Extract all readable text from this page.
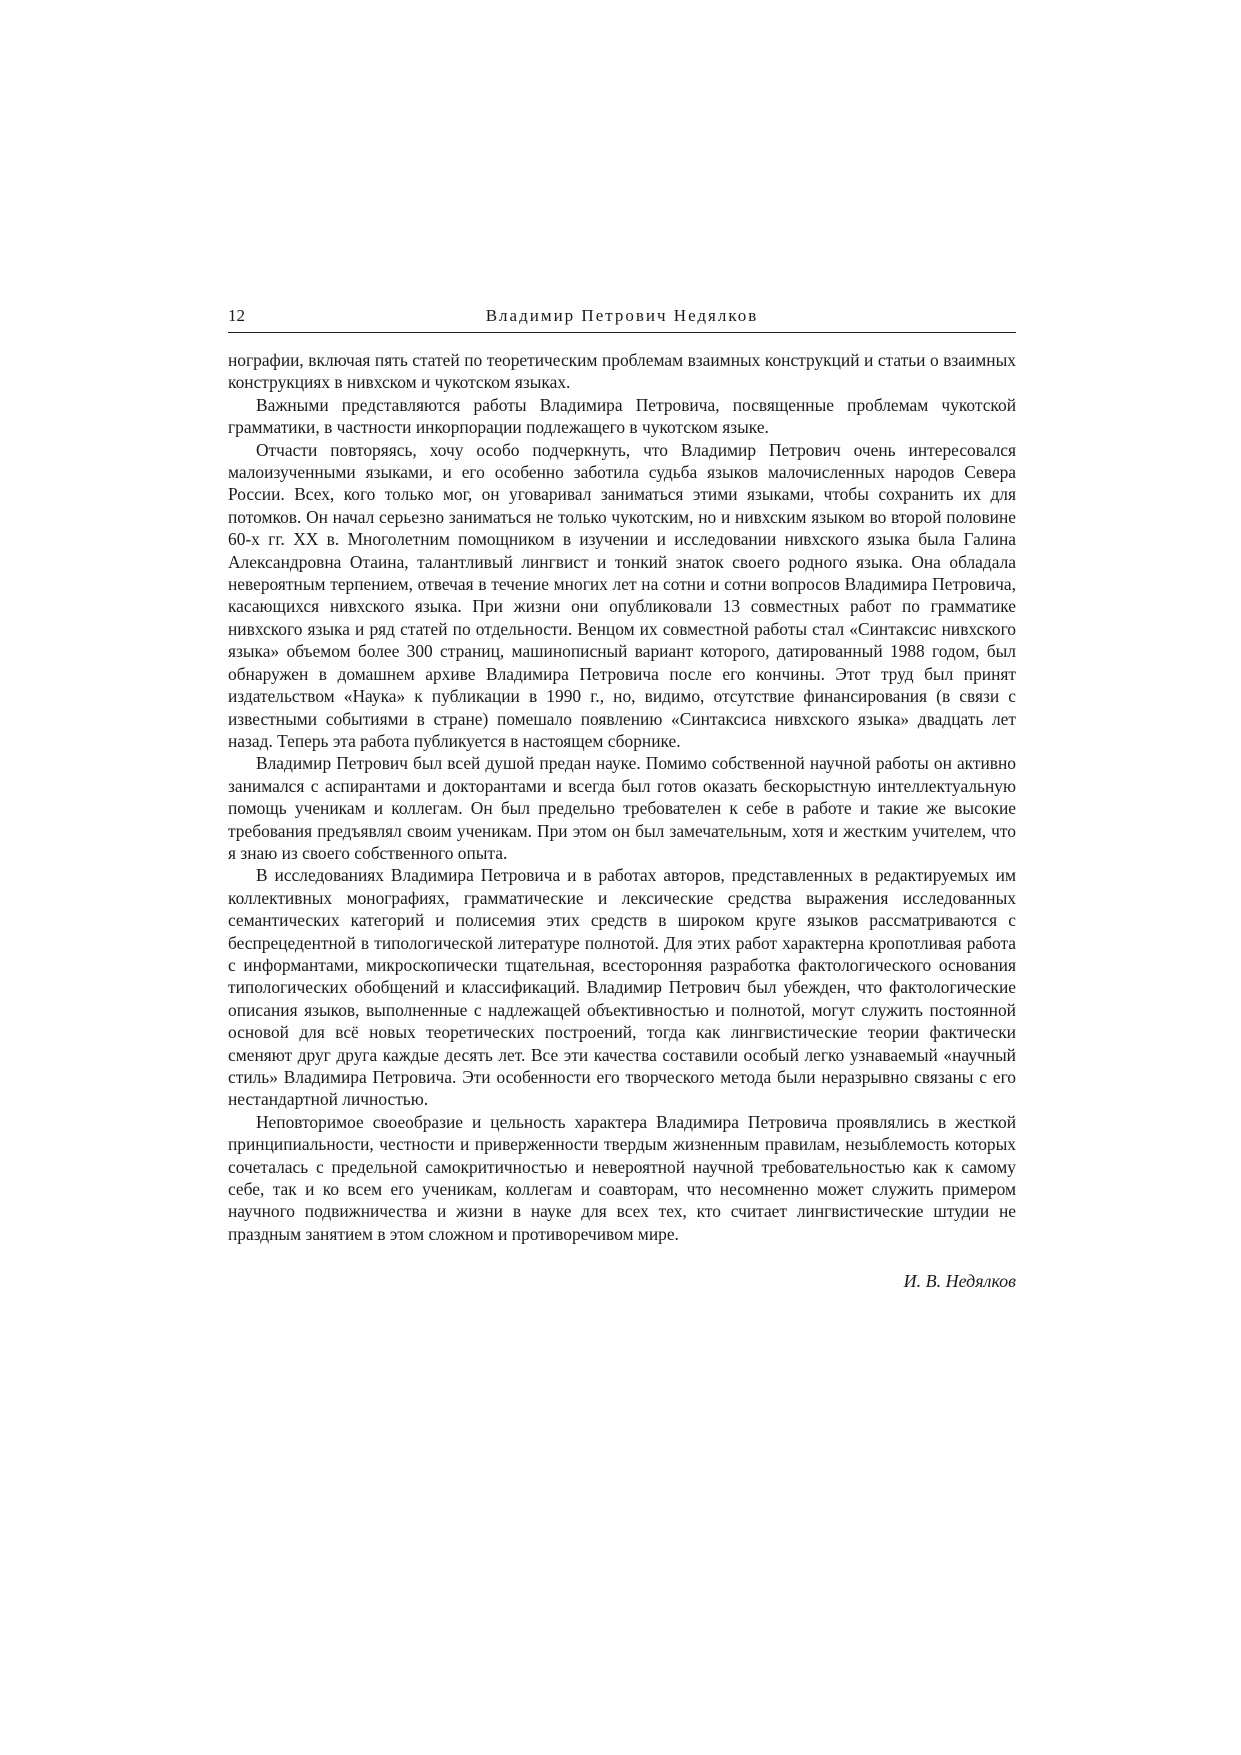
12	Владимир Петрович Недялков

нографии, включая пять статей по теоретическим проблемам взаимных конструкций и статьи о взаимных конструкциях в нивхском и чукотском языках.

Важными представляются работы Владимира Петровича, посвященные проблемам чукотской грамматики, в частности инкорпорации подлежащего в чукотском языке.

Отчасти повторяясь, хочу особо подчеркнуть, что Владимир Петрович очень интересовался малоизученными языками, и его особенно заботила судьба языков малочисленных народов Севера России. Всех, кого только мог, он уговаривал заниматься этими языками, чтобы сохранить их для потомков. Он начал серьезно заниматься не только чукотским, но и нивхским языком во второй половине 60-х гг. XX в. Многолетним помощником в изучении и исследовании нивхского языка была Галина Александровна Отаина, талантливый лингвист и тонкий знаток своего родного языка. Она обладала невероятным терпением, отвечая в течение многих лет на сотни и сотни вопросов Владимира Петровича, касающихся нивхского языка. При жизни они опубликовали 13 совместных работ по грамматике нивхского языка и ряд статей по отдельности. Венцом их совместной работы стал «Синтаксис нивхского языка» объемом более 300 страниц, машинописный вариант которого, датированный 1988 годом, был обнаружен в домашнем архиве Владимира Петровича после его кончины. Этот труд был принят издательством «Наука» к публикации в 1990 г., но, видимо, отсутствие финансирования (в связи с известными событиями в стране) помешало появлению «Синтаксиса нивхского языка» двадцать лет назад. Теперь эта работа публикуется в настоящем сборнике.

Владимир Петрович был всей душой предан науке. Помимо собственной научной работы он активно занимался с аспирантами и докторантами и всегда был готов оказать бескорыстную интеллектуальную помощь ученикам и коллегам. Он был предельно требователен к себе в работе и такие же высокие требования предъявлял своим ученикам. При этом он был замечательным, хотя и жестким учителем, что я знаю из своего собственного опыта.

В исследованиях Владимира Петровича и в работах авторов, представленных в редактируемых им коллективных монографиях, грамматические и лексические средства выражения исследованных семантических категорий и полисемия этих средств в широком круге языков рассматриваются с беспрецедентной в типологической литературе полнотой. Для этих работ характерна кропотливая работа с информантами, микроскопически тщательная, всесторонняя разработка фактологического основания типологических обобщений и классификаций. Владимир Петрович был убежден, что фактологические описания языков, выполненные с надлежащей объективностью и полнотой, могут служить постоянной основой для всё новых теоретических построений, тогда как лингвистические теории фактически сменяют друг друга каждые десять лет. Все эти качества составили особый легко узнаваемый «научный стиль» Владимира Петровича. Эти особенности его творческого метода были неразрывно связаны с его нестандартной личностью.

Неповторимое своеобразие и цельность характера Владимира Петровича проявлялись в жесткой принципиальности, честности и приверженности твердым жизненным правилам, незыблемость которых сочеталась с предельной самокритичностью и невероятной научной требовательностью как к самому себе, так и ко всем его ученикам, коллегам и соавторам, что несомненно может служить примером научного подвижничества и жизни в науке для всех тех, кто считает лингвистические штудии не праздным занятием в этом сложном и противоречивом мире.

И. В. Недялков
